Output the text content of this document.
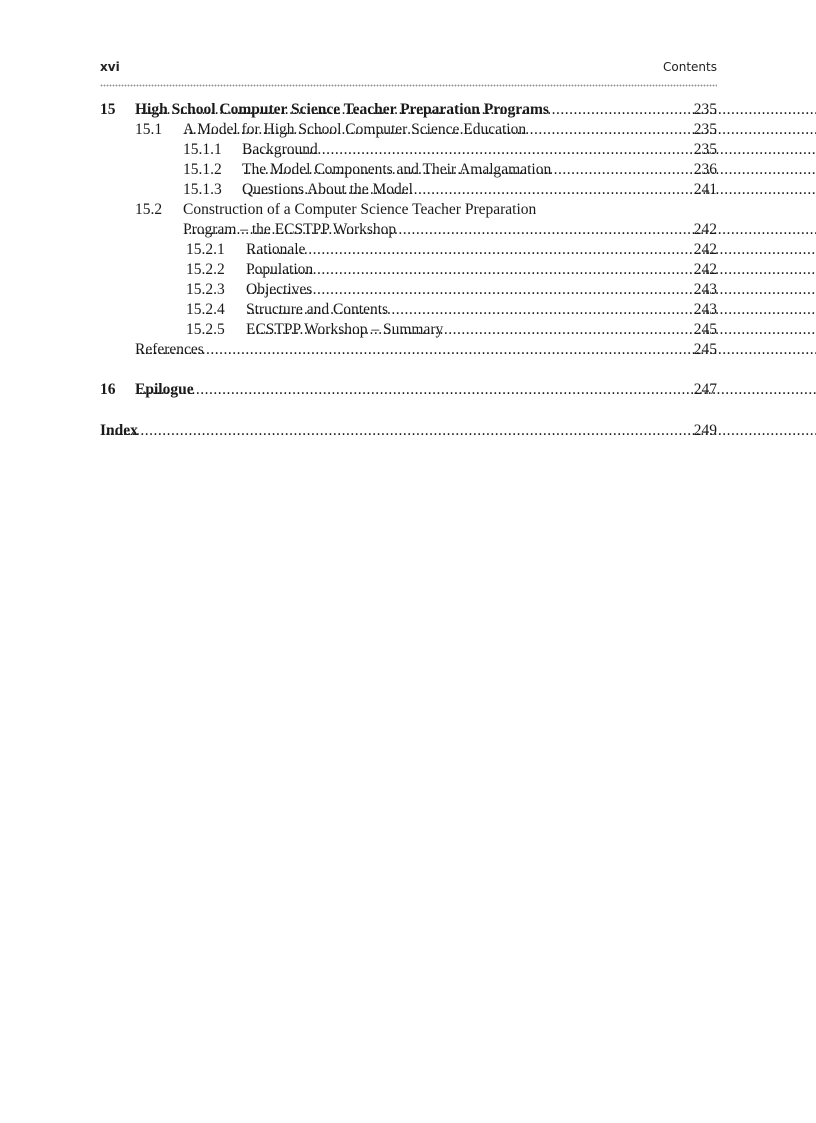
xvi	Contents
15 High School Computer Science Teacher Preparation Programs .....	235
15.1 A Model for High School Computer Science Education .....	235
15.1.1 Background .....	235
15.1.2 The Model Components and Their Amalgamation .....	236
15.1.3 Questions About the Model .....	241
15.2 Construction of a Computer Science Teacher Preparation
Program – the ECSTPP Workshop .....	242
15.2.1 Rationale .....	242
15.2.2 Population .....	242
15.2.3 Objectives .....	243
15.2.4 Structure and Contents .....	243
15.2.5 ECSTPP Workshop – Summary .....	245
References .....	245
16 Epilogue .....	247
Index .....	249
